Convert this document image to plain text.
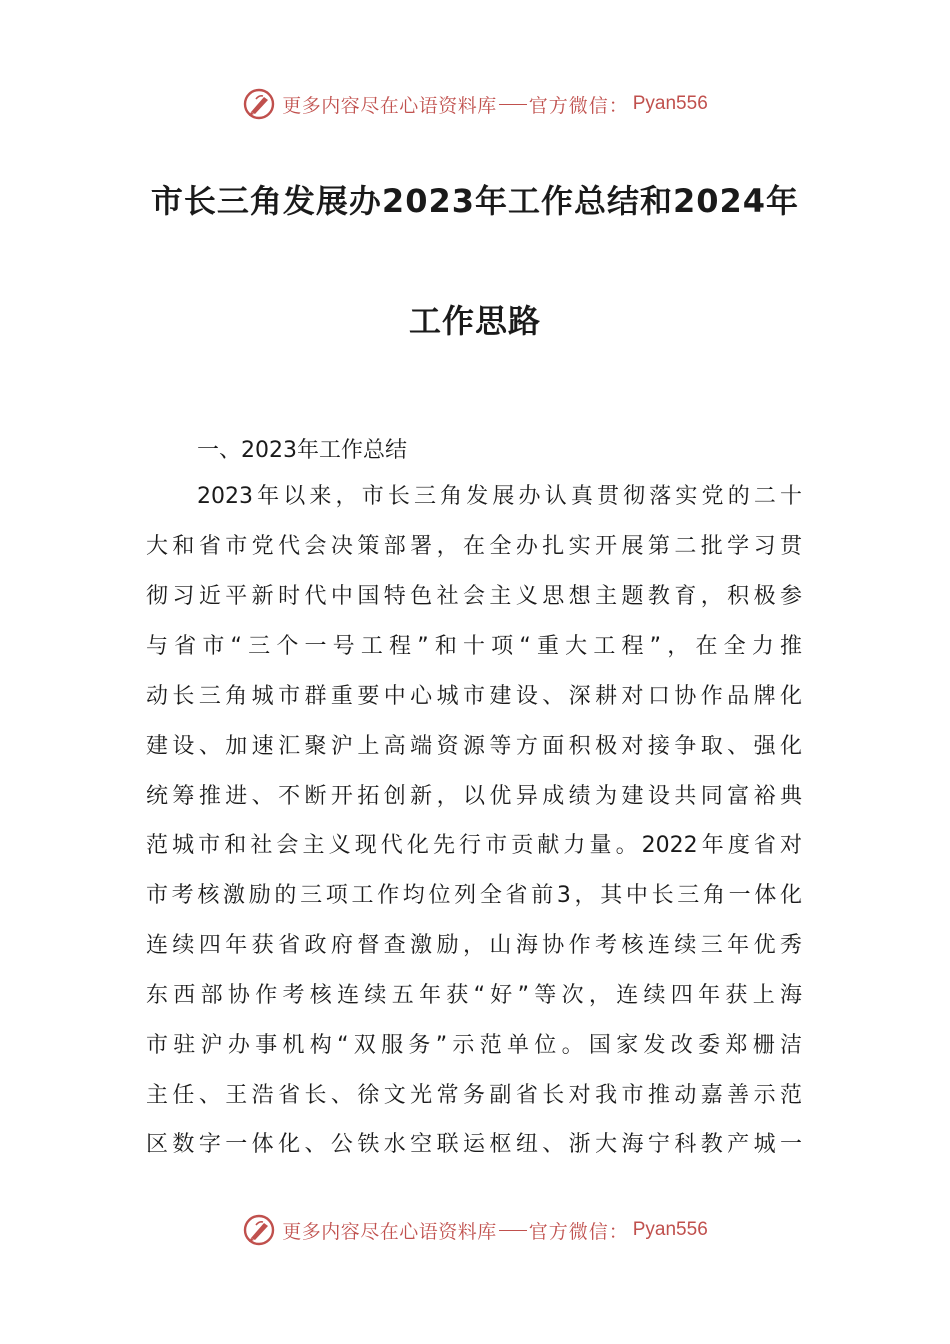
更多内容尽在心语资料库 官方微信： Pyan556
市长三角发展办2023年工作总结和2024年
工作思路
一、2023年工作总结
2023年以来，市长三角发展办认真贯彻落实党的二十
大和省市党代会决策部署，在全办扎实开展第二批学习贯
彻习近平新时代中国特色社会主义思想主题教育，积极参
与省市“三个一号工程”和十项“重大工程”，在全力推
动长三角城市群重要中心城市建设、深耕对口协作品牌化
建设、加速汇聚沪上高端资源等方面积极对接争取、强化
统筹推进、不断开拓创新，以优异成绩为建设共同富裕典
范城市和社会主义现代化先行市贡献力量。2022年度省对
市考核激励的三项工作均位列全省前3，其中长三角一体化
连续四年获省政府督查激励，山海协作考核连续三年优秀
东西部协作考核连续五年获“好”等次，连续四年获上海
市驻沪办事机构“双服务”示范单位。国家发改委郑栅洁
主任、王浩省长、徐文光常务副省长对我市推动嘉善示范
区数字一体化、公铁水空联运枢纽、浙大海宁科教产城一
更多内容尽在心语资料库 官方微信： Pyan556
